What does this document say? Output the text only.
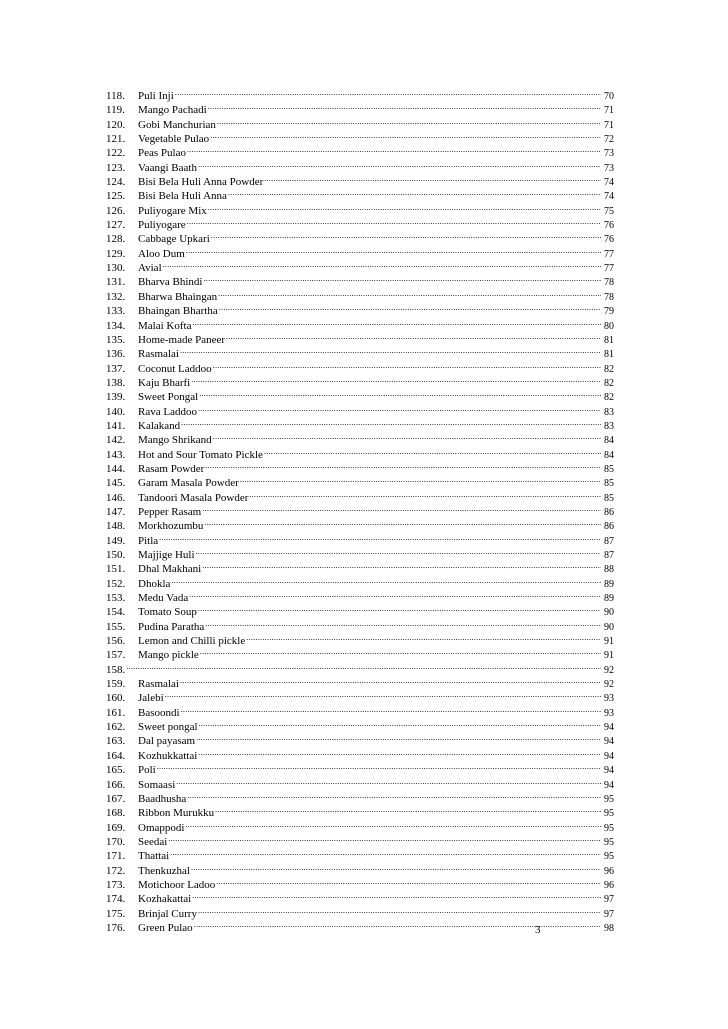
118.	Puli Inji .....	70
119.	Mango Pachadi .....	71
120.	Gobi Manchurian .....	71
121.	Vegetable Pulao .....	72
122.	Peas Pulao .....	73
123.	Vaangi Baath .....	73
124.	Bisi Bela Huli Anna Powder .....	74
125.	Bisi Bela Huli Anna .....	74
126.	Puliyogare Mix .....	75
127.	Puliyogare .....	76
128.	Cabbage Upkari .....	76
129.	Aloo Dum .....	77
130.	Avial .....	77
131.	Bharva Bhindi .....	78
132.	Bharwa Bhaingan .....	78
133.	Bhaingan Bhartha .....	79
134.	Malai Kofta .....	80
135.	Home-made Paneer .....	81
136.	Rasmalai .....	81
137.	Coconut Laddoo .....	82
138.	Kaju Bharfi .....	82
139.	Sweet Pongal .....	82
140.	Rava Laddoo .....	83
141.	Kalakand .....	83
142.	Mango Shrikand .....	84
143.	Hot and Sour Tomato Pickle .....	84
144.	Rasam Powder .....	85
145.	Garam Masala Powder .....	85
146.	Tandoori Masala Powder .....	85
147.	Pepper Rasam .....	86
148.	Morkhozumbu .....	86
149.	Pitla .....	87
150.	Majjige Huli .....	87
151.	Dhal Makhani .....	88
152.	Dhokla .....	89
153.	Medu Vada .....	89
154.	Tomato Soup .....	90
155.	Pudina Paratha .....	90
156.	Lemon and Chilli pickle .....	91
157.	Mango pickle .....	91
158. .....	92
159.	Rasmalai .....	92
160.	Jalebi .....	93
161.	Basoondi .....	93
162.	Sweet pongal .....	94
163.	Dal payasam .....	94
164.	Kozhukkattai .....	94
165.	Poli .....	94
166.	Somaasi .....	94
167.	Baadhusha .....	95
168.	Ribbon Murukku .....	95
169.	Omappodi .....	95
170.	Seedai .....	95
171.	Thattai .....	95
172.	Thenkuzhal .....	96
173.	Motichoor Ladoo .....	96
174.	Kozhakattai .....	97
175.	Brinjal Curry .....	97
176.	Green Pulao .....	98
3
